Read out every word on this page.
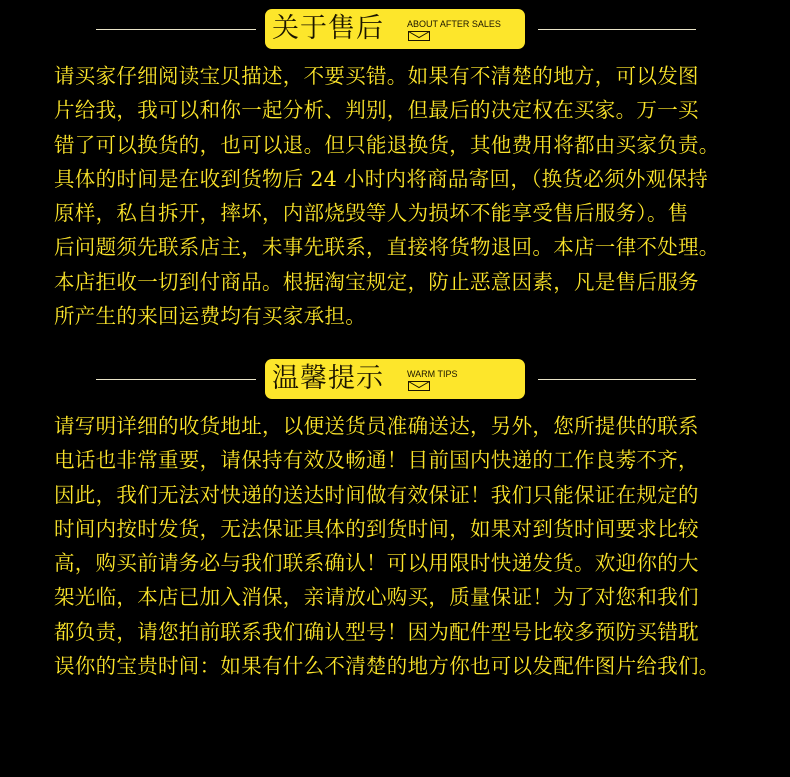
关于售后	ABOUT AFTER SALES
请买家仔细阅读宝贝描述，不要买错。如果有不清楚的地方，可以发图
片给我，我可以和你一起分析、判别，但最后的决定权在买家。万一买
错了可以换货的，也可以退。但只能退换货，其他费用将都由买家负责。
具体的时间是在收到货物后 24 小时内将商品寄回，（换货必须外观保持
原样，私自拆开，摔坏，内部烧毁等人为损坏不能享受售后服务）。售
后问题须先联系店主，未事先联系，直接将货物退回。本店一律不处理。
本店拒收一切到付商品。根据淘宝规定，防止恶意因素，凡是售后服务
所产生的来回运费均有买家承担。
温馨提示	WARM TIPS
请写明详细的收货地址，以便送货员准确送达，另外，您所提供的联系
电话也非常重要，请保持有效及畅通！目前国内快递的工作良莠不齐，
因此，我们无法对快递的送达时间做有效保证！我们只能保证在规定的
时间内按时发货，无法保证具体的到货时间，如果对到货时间要求比较
高，购买前请务必与我们联系确认！可以用限时快递发货。欢迎你的大
架光临，本店已加入消保，亲请放心购买，质量保证！为了对您和我们
都负责，请您拍前联系我们确认型号！因为配件型号比较多预防买错耽
误你的宝贵时间：如果有什么不清楚的地方你也可以发配件图片给我们。
